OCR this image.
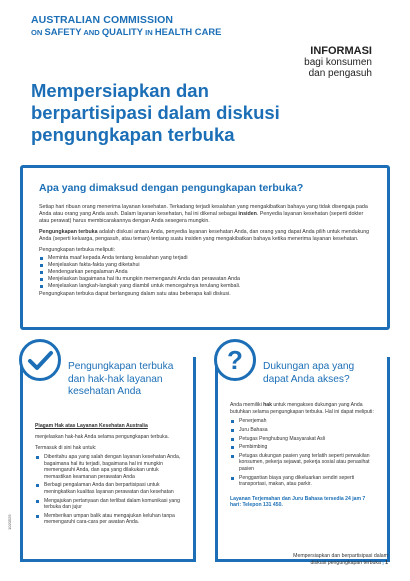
AUSTRALIAN COMMISSION
ON SAFETY AND QUALITY IN HEALTH CARE
INFORMASI
bagi konsumen
dan pengasuh
Mempersiapkan dan
berpartisipasi dalam diskusi
pengungkapan terbuka
Apa yang dimaksud dengan pengungkapan terbuka?

Setiap hari ribuan orang menerima layanan kesehatan. Terkadang terjadi kesalahan yang mengakibatkan bahaya yang tidak disengaja pada Anda atau orang yang Anda asuh. Dalam layanan kesehatan, hal ini dikenal sebagai insiden. Penyedia layanan kesehatan (seperti dokter atau perawat) harus membicarakannya dengan Anda sesegera mungkin.

Pengungkapan terbuka adalah diskusi antara Anda, penyedia layanan kesehatan Anda, dan orang yang dapat Anda pilih untuk mendukung Anda (seperti keluarga, pengasuh, atau teman) tentang suatu insiden yang mengakibatkan bahaya ketika menerima layanan kesehatan.

Pengungkapan terbuka meliputi:

Meminta maaf kepada Anda tentang kesalahan yang terjadi
Menjelaskan fakta-fakta yang diketahui
Mendengarkan pengalaman Anda
Menjelaskan bagaimana hal itu mungkin memengaruhi Anda dan perawatan Anda
Menjelaskan langkah-langkah yang diambil untuk mencegahnya terulang kembali.

Pengungkapan terbuka dapat berlangsung dalam satu atau beberapa kali diskusi.

Pengungkapan terbuka
dan hak-hak layanan
kesehatan Anda

Piagam Hak atas Layanan Kesehatan Australia

menjelaskan hak-hak Anda selama pengungkapan terbuka.

Termasuk di sini hak untuk:

Diberitahu apa yang salah dengan layanan kesehatan Anda, bagaimana hal itu terjadi, bagaimana hal ini mungkin memengaruhi Anda, dan apa yang dilakukan untuk memastikan keamanan perawatan Anda
Berbagi pengalaman Anda dan berpartisipasi untuk meningkatkan kualitas layanan perawatan dan kesehatan
Mengajukan pertanyaan dan terlibat dalam komunikasi yang terbuka dan jujur
Memberikan umpan balik atau mengajukan keluhan tanpa memengaruhi cara-cara per awatan Anda.
?	Dukungan apa yang
dapat Anda akses?

Anda memiliki hak untuk mengakses dukungan yang Anda butuhkan selama pengungkapan terbuka. Hal ini dapat meliputi:

Penerjemah
Juru Bahasa
Petugas Penghubung Masyarakat Asli
Pembimbing
Petugas dukungan pasien yang terlatih seperti perwakilan konsumen, pekerja sejawat, pekerja sosial atau penasihat pasien
Penggantian biaya yang dikeluarkan sendiri seperti transportasi, makan, atau parkir.

Layanan Terjemahan dan Juru Bahasa tersedia 24 jam 7 hari: Telepon 131 450.

1020525
Mempersiapkan dan berpartisipasi dalam
diskusi pengungkapan terbuka | 1
